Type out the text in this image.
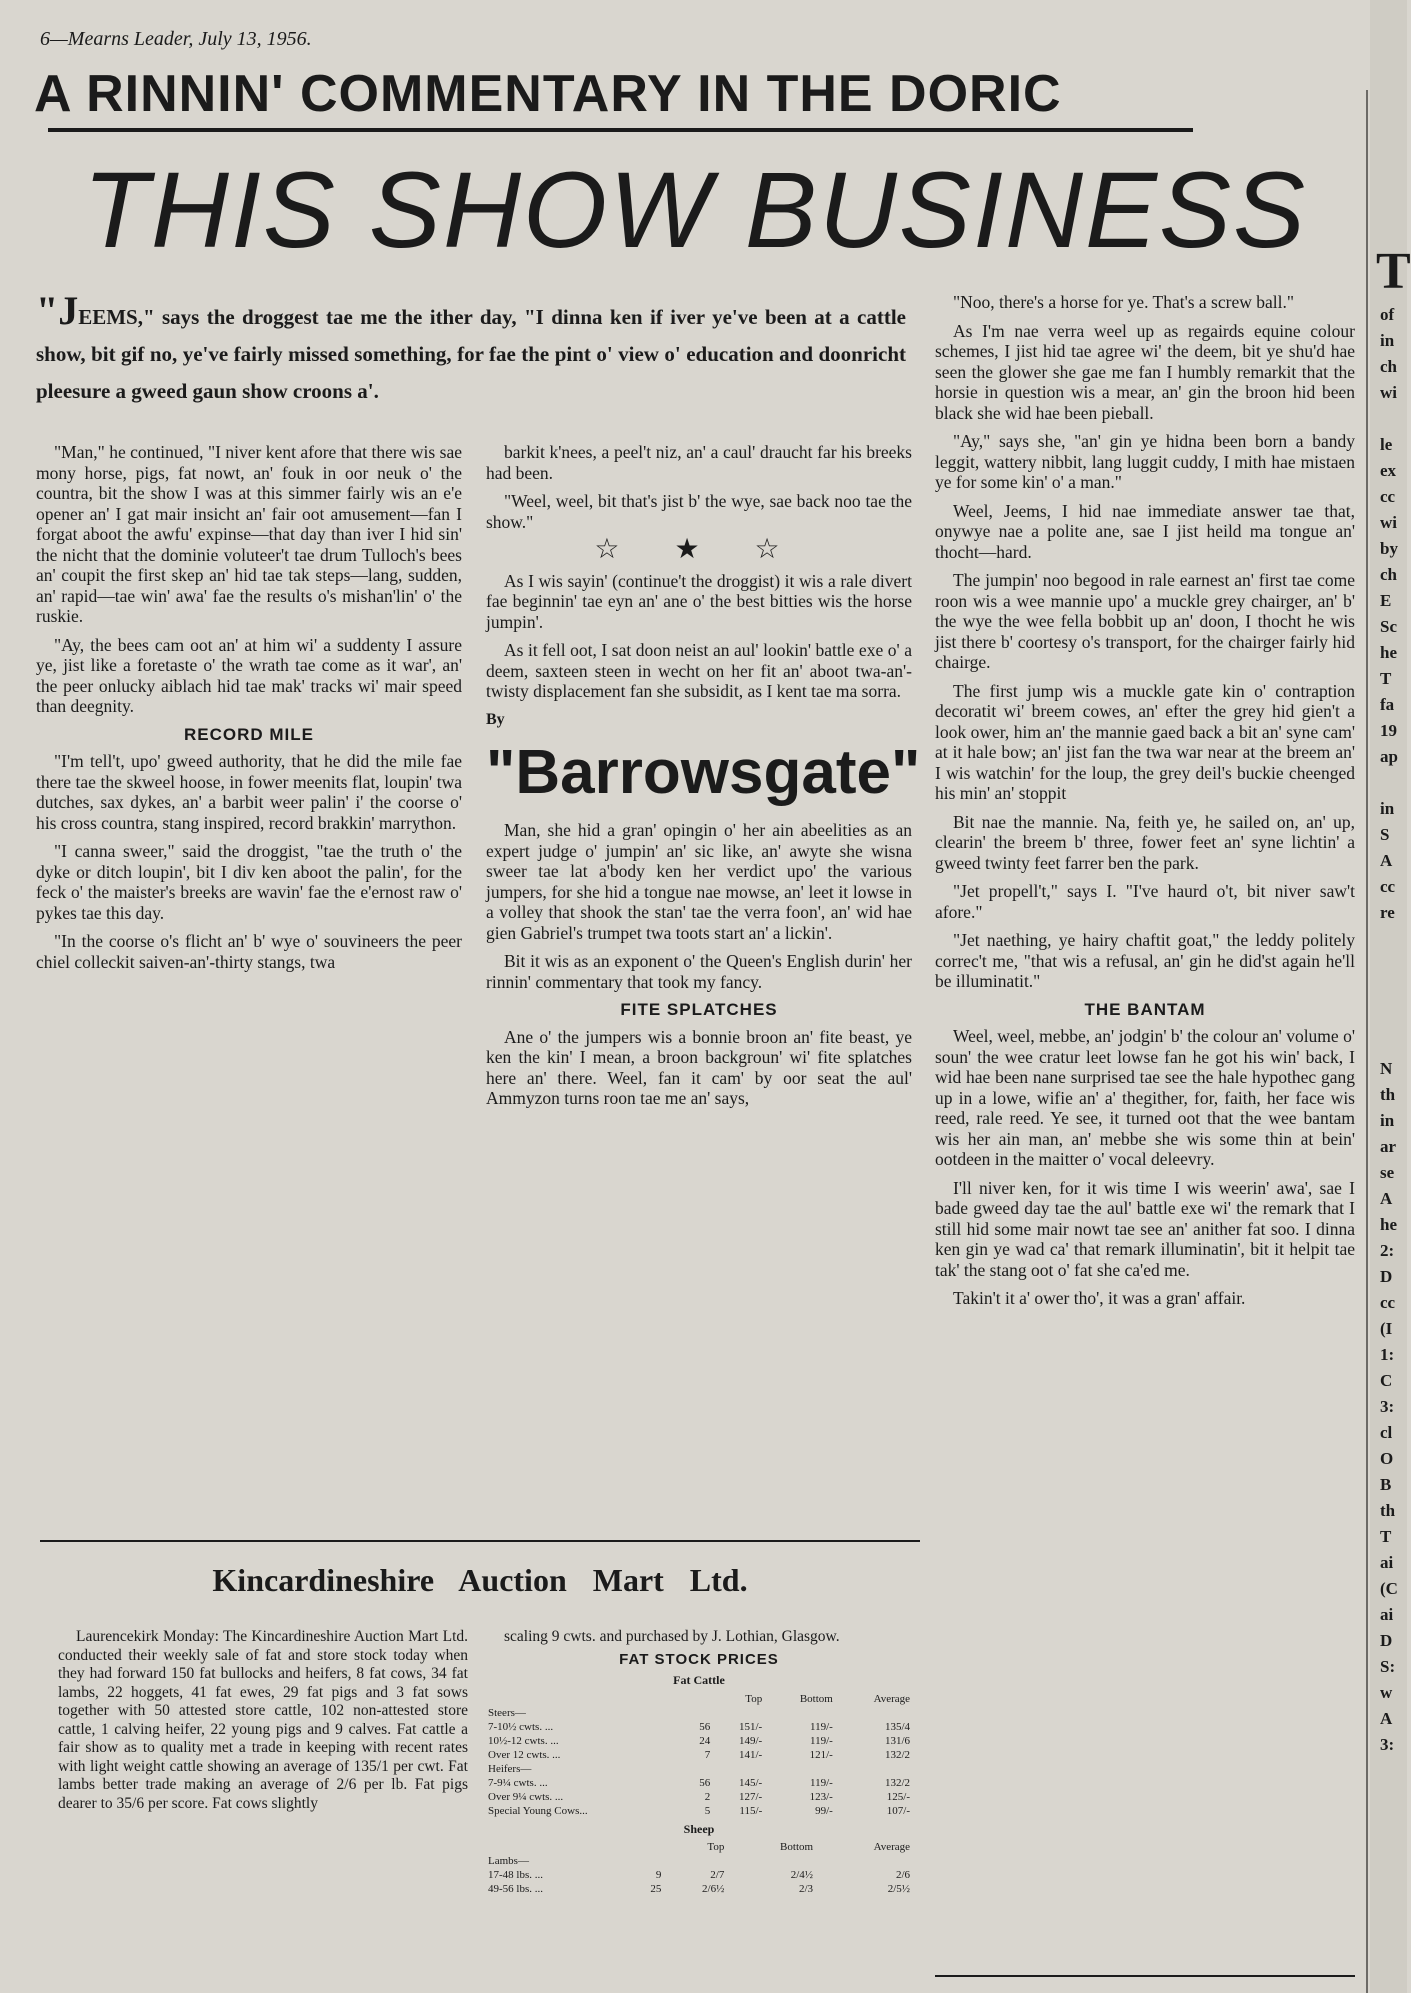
6—Mearns Leader, July 13, 1956.
A RINNIN' COMMENTARY IN THE DORIC
THIS SHOW BUSINESS
"JEEMS," says the droggest tae me the ither day, "I dinna ken if iver ye've been at a cattle show, bit gif no, ye've fairly missed something, for fae the pint o' view o' education and doonricht pleesure a gweed gaun show croons a'.

"Man," he continued, "I niver kent afore that there wis sae mony horse, pigs, fat nowt, an' fouk in oor neuk o' the countra, bit the show I was at this simmer fairly wis an e'e opener an' I gat mair insicht an' fair oot amusement—fan I forgat aboot the awfu' expinse—that day than iver I hid sin' the nicht that the dominie voluteer't tae drum Tulloch's bees an' coupit the first skep an' hid tae tak steps—lang, sudden, an' rapid—tae win' awa' fae the results o's mishan'lin' o' the ruskie.

"Ay, the bees cam oot an' at him wi' a suddenty I assure ye, jist like a foretaste o' the wrath tae come as it war', an' the peer onlucky aiblach hid tae mak' tracks wi' mair speed than deegnity.

RECORD MILE

"I'm tell't, upo' gweed authority, that he did the mile fae there tae the skweel hoose, in fower meenits flat, loupin' twa dutches, sax dykes, an' a barbit weer palin' i' the coorse o' his cross countra, stang inspired, record brakkin' marrython.

"I canna sweer," said the droggist, "tae the truth o' the dyke or ditch loupin', bit I div ken aboot the palin', for the feck o' the maister's breeks are wavin' fae the e'ernost raw o' pykes tae this day.

"In the coorse o's flicht an' b' wye o' souvineers the peer chiel colleckit saiven-an'-thirty stangs, twa

barkit k'nees, a peel't niz, an' a caul' draucht far his breeks had been.

"Weel, weel, bit that's jist b' the wye, sae back noo tae the show."

☆ ★ ☆

As I wis sayin' (continue't the droggist) it wis a rale divert fae beginnin' tae eyn an' ane o' the best bitties wis the horse jumpin'.

As it fell oot, I sat doon neist an aul' lookin' battle exe o' a deem, saxteen steen in wecht on her fit an' aboot twa-an'-twisty displacement fan she subsidit, as I kent tae ma sorra.

By
"Barrowsgate"

Man, she hid a gran' opingin o' her ain abeelities as an expert judge o' jumpin' an' sic like, an' awyte she wisna sweer tae lat a'body ken her verdict upo' the various jumpers, for she hid a tongue nae mowse, an' leet it lowse in a volley that shook the stan' tae the verra foon', an' wid hae gien Gabriel's trumpet twa toots start an' a lickin'.

Bit it wis as an exponent o' the Queen's English durin' her rinnin' commentary that took my fancy.

FITE SPLATCHES

Ane o' the jumpers wis a bonnie broon an' fite beast, ye ken the kin' I mean, a broon backgroun' wi' fite splatches here an' there. Weel, fan it cam' by oor seat the aul' Ammyzon turns roon tae me an' says,

"Noo, there's a horse for ye. That's a screw ball."

As I'm nae verra weel up as regairds equine colour schemes, I jist hid tae agree wi' the deem, bit ye shu'd hae seen the glower she gae me fan I humbly remarkit that the horsie in question wis a mear, an' gin the broon hid been black she wid hae been pieball.

"Ay," says she, "an' gin ye hidna been born a bandy leggit, wattery nibbit, lang luggit cuddy, I mith hae mistaen ye for some kin' o' a man."

Weel, Jeems, I hid nae immediate answer tae that, onywye nae a polite ane, sae I jist heild ma tongue an' thocht—hard.

The jumpin' noo begood in rale earnest an' first tae come roon wis a wee mannie upo' a muckle grey chairger, an' b' the wye the wee fella bobbit up an' doon, I thocht he wis jist there b' coortesy o's transport, for the chairger fairly hid chairge.

The first jump wis a muckle gate kin o' contraption decoratit wi' breem cowes, an' efter the grey hid gien't a look ower, him an' the mannie gaed back a bit an' syne cam' at it hale bow; an' jist fan the twa war near at the breem an' I wis watchin' for the loup, the grey deil's buckie cheenged his min' an' stoppit

Bit nae the mannie. Na, feith ye, he sailed on, an' up, clearin' the breem b' three, fower feet an' syne lichtin' a gweed twinty feet farrer ben the park.

"Jet propell't," says I. "I've haurd o't, bit niver saw't afore."

"Jet naething, ye hairy chaftit goat," the leddy politely correc't me, "that wis a refusal, an' gin he did'st again he'll be illuminatit."

THE BANTAM

Weel, weel, mebbe, an' jodgin' b' the colour an' volume o' soun' the wee cratur leet lowse fan he got his win' back, I wid hae been nane surprised tae see the hale hypothec gang up in a lowe, wifie an' a' thegither, for, faith, her face wis reed, rale reed. Ye see, it turned oot that the wee bantam wis her ain man, an' mebbe she wis some thin at bein' ootdeen in the maitter o' vocal deleevry.

I'll niver ken, for it wis time I wis weerin' awa', sae I bade gweed day tae the aul' battle exe wi' the remark that I still hid some mair nowt tae see an' anither fat soo. I dinna ken gin ye wad ca' that remark illuminatin', bit it helpit tae tak' the stang oot o' fat she ca'ed me.

Takin't it a' ower tho', it was a gran' affair.

Kincardineshire Auction Mart Ltd.

Laurencekirk Monday: The Kincardineshire Auction Mart Ltd. conducted their weekly sale of fat and store stock today when they had forward 150 fat bullocks and heifers, 8 fat cows, 34 fat lambs, 22 hoggets, 41 fat ewes, 29 fat pigs and 3 fat sows together with 50 attested store cattle, 102 non-attested store cattle, 1 calving heifer, 22 young pigs and 9 calves. Fat cattle a fair show as to quality met a trade in keeping with recent rates with light weight cattle showing an average of 135/1 per cwt. Fat lambs better trade making an average of 2/6 per lb. Fat pigs dearer to 35/6 per score. Fat cows slightly

scaling 9 cwts. and purchased by J. Lothian, Glasgow.

FAT STOCK PRICES
Fat Cattle
		Top	Bottom	Average
Steers—				
7-10½ cwts. ...	56	151/-	119/-	135/4
10½-12 cwts. ...	24	149/-	119/-	131/6
Over 12 cwts. ...	7	141/-	121/-	132/2
Heifers—				
7-9¼ cwts. ...	56	145/-	119/-	132/2
Over 9¼ cwts. ...	2	127/-	123/-	125/-
Special Young Cows...	5	115/-	99/-	107/-
Sheep
		Top	Bottom	Average
Lambs—				
17-48 lbs. ...	9	2/7	2/4½	2/6
49-56 lbs. ...	25	2/6½	2/3	2/5½
T
of
in
ch
wi
le
ex
cc
wi
by
ch
E
Sc
he
T
fa
19
ap
in
S
A
cc
re
N
th
in
ar
se
A
he
2:
D
cc
(I
1:
C
3:
cl
O
B
th
T
ai
(C
ai
D
S:
w
A
3:
